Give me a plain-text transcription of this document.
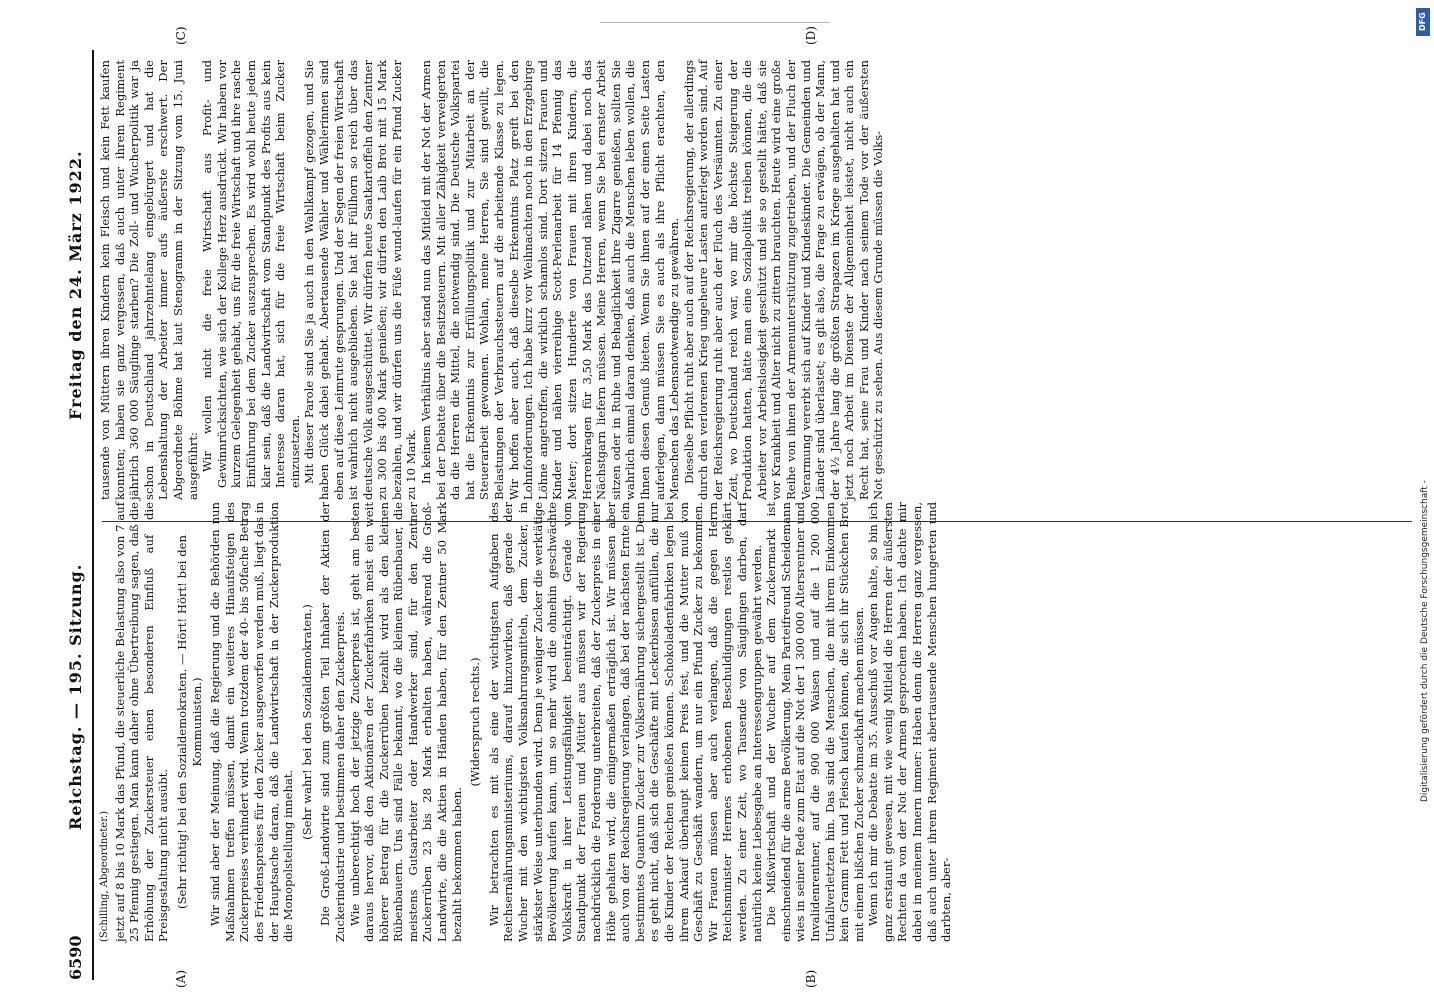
6590
Reichstag. — 195. Sitzung.
Freitag den 24. März 1922.
(A)	(B)
(C)	(D)

(Schilling, Abgeordneter.) jetzt auf 8 bis 10 Mark das Pfund, die steuerliche Belastung also von 7 auf 25 Pfennig gestiegen. Man kann daher ohne Übertreibung sagen, daß die Erhöhung der Zuckersteuer einen besonderen Einfluß auf die Preisgestaltung nicht ausübt. (Sehr richtig! bei den Sozialdemokraten. — Hört! Hört! bei den Kommunisten.) Wir sind aber der Meinung, daß die Regierung und die Behörden nun Maßnahmen treffen müssen, damit ein weiteres Hinaufsteigen des Zuckerpreises verhindert wird. Wenn trotzdem der 40- bis 50fache Betrag des Friedenspreises für den Zucker ausgeworfen werden muß, liegt das in der Hauptsache daran, daß die Landwirtschaft in der Zuckerproduktion die Monopolstellung innehat.

(Sehr wahr! bei den Sozialdemokraten.) Die Groß-Landwirte sind zum größten Teil Inhaber der Aktien der Zuckerindustrie und bestimmen daher den Zuckerpreis. Wie unberechtigt hoch der jetzige Zuckerpreis ist, geht am besten daraus hervor, daß den Aktionären der Zuckerfabriken meist ein weit höherer Betrag für die Zuckerrüben bezahlt wird als den kleinen Rübenbauern. Uns sind Fälle bekannt, wo die kleinen Rübenbauer, die meistens Gutsarbeiter oder Handwerker sind, für den Zentner Zuckerrüben 23 bis 28 Mark erhalten haben, während die Groß-Landwirte, die die Aktien in Händen haben, für den Zentner 50 Mark bezahlt bekommen haben.

(Widerspruch rechts.) Wir betrachten es mit als eine der wichtigsten Aufgaben des Reichsernährungsministeriums, darauf hinzuwirken, daß gerade der Wucher mit den wichtigsten Volksnahrungsmitteln, dem Zucker, in stärkster Weise unterbunden wird. Denn je weniger Zucker die werktätige Bevölkerung kaufen kann, um so mehr wird die ohnehin geschwächte Volkskraft in ihrer Leistungsfähigkeit beeinträchtigt. Gerade vom Standpunkt der Frauen und Mütter aus müssen wir der Regierung nachdrücklich die Forderung unterbreiten, daß der Zuckerpreis in einer Höhe gehalten wird, die einigermaßen erträglich ist. Wir müssen aber auch von der Reichsregierung verlangen, daß bei der nächsten Ernte ein bestimmtes Quantum Zucker zur Volksernährung sichergestellt ist. Denn es geht nicht, daß sich die Geschäfte mit Leckerbissen anfüllen, die nur die Kinder der Reichen genießen können. Schokoladenfabriken legen bei ihrem Ankauf überhaupt keinen Preis fest, und die Mutter muß von Geschäft zu Geschäft wandern, um nur ein Pfund Zucker zu bekommen. Wir Frauen müssen aber auch verlangen, daß die gegen Herrn Reichsminister Hermes erhobenen Beschuldigungen restlos geklärt werden. Zu einer Zeit, wo Tausende von Säuglingen darben, darf natürlich keine Liebesgabe an Interessengruppen gewährt werden. Die Mißwirtschaft und der Wucher auf dem Zuckermarkt ist einschneidend für die arme Bevölkerung. Mein Parteifreund Scheidemann wies in seiner Rede zum Etat auf die Not der 1 300 000 Altersrentner und Invalidenrentner, auf die 900 000 Waisen und auf die 1 200 000 Unfallverletzten hin. Das sind die Menschen, die mit ihrem Einkommen kein Gramm Fett und Fleisch kaufen können, die sich ihr Stückchen Brot mit einem bißchen Zucker schmackhaft machen müssen. Wenn ich mir die Debatte im 35. Ausschuß vor Augen halte, so bin ich ganz erstaunt gewesen, mit wie wenig Mitleid die Herren der äußersten Rechten da von der Not der Armen gesprochen haben. Ich dachte mir dabei in meinem Innern immer: Haben denn die Herren ganz vergessen, daß auch unter ihrem Regiment abertausende Menschen hungerten und darbten, aber-

tausende von Müttern ihren Kindern kein Fleisch und kein Fett kaufen konnten; haben sie ganz vergessen, daß auch unter ihrem Regiment jährlich 360 000 Säuglinge starben? Die Zoll- und Wucherpolitik war ja schon in Deutschland jahrzehntelang eingebürgert und hat die Lebenshaltung der Arbeiter immer aufs äußerste erschwert. Der Abgeordnete Böhme hat laut Stenogramm in der Sitzung vom 15. Juni ausgeführt: Wir wollen nicht die freie Wirtschaft aus Profit- und Gewinnrücksichten, wie sich der Kollege Herz ausdrückt. Wir haben vor kurzem Gelegenheit gehabt, uns für die freie Wirtschaft und ihre rasche Einführung bei dem Zucker auszusprechen. Es wird wohl heute jedem klar sein, daß die Landwirtschaft vom Standpunkt des Profits aus kein Interesse daran hat, sich für die freie Wirtschaft beim Zucker einzusetzen. Mit dieser Parole sind Sie ja auch in den Wahlkampf gezogen, und Sie haben Glück dabei gehabt. Abertausende Wähler und Wählerinnen sind eben auf diese Leimrute gesprungen. Und der Segen der freien Wirtschaft ist wahrlich nicht ausgeblieben. Sie hat ihr Füllhorn so reich über das deutsche Volk ausgeschüttet. Wir dürfen heute Saatkartoffeln den Zentner zu 300 bis 400 Mark genießen; wir dürfen den Laib Brot mit 15 Mark bezahlen, und wir dürfen uns die Füße wund-laufen für ein Pfund Zucker zu 10 Mark. In keinem Verhältnis aber stand nun das Mitleid mit der Not der Armen bei der Debatte über die Besitzsteuern. Mit aller Zähigkeit verweigerten da die Herren die Mittel, die notwendig sind. Die Deutsche Volkspartei hat die Erkenntnis zur Erfüllungspolitik und zur Mitarbeit an der Steuerarbeit gewonnen. Wohlan, meine Herren, Sie sind gewillt, die Belastungen der Verbrauchssteuern auf die arbeitende Klasse zu legen. Wir hoffen aber auch, daß dieselbe Erkenntnis Platz greift bei den Lohnforderungen. Ich habe kurz vor Weihnachten noch in den Erzgebirge Löhne angetroffen, die wirklich schamlos sind. Dort sitzen Frauen und Kinder und nähen vierreihige Scott-Perlenarbeit für 14 Pfennig das Meter; dort sitzen Hunderte von Frauen mit ihren Kindern, die Herrenkragen für 3,50 Mark das Dutzend nähen und dabei noch das Nächstgarn liefern müssen. Meine Herren, wenn Sie bei ernster Arbeit sitzen oder in Ruhe und Behaglichkeit Ihre Zigarre genießen, sollten Sie wahrlich einmal daran denken, daß auch die Menschen leben wollen, die Ihnen diesen Genuß bieten. Wenn Sie ihnen auf der einen Seite Lasten auferlegen, dann müssen Sie es auch als ihre Pflicht erachten, den Menschen das Lebensnotwendige zu gewähren. Dieselbe Pflicht ruht aber auch auf der Reichsregierung, der allerdings durch den verlorenen Krieg ungeheure Lasten auferlegt worden sind. Auf der Reichsregierung ruht aber auch der Fluch des Versäumten. Zu einer Zeit, wo Deutschland reich war, wo mir die höchste Steigerung der Produktion hatten, hätte man eine Sozialpolitik treiben können, die die Arbeiter vor Arbeitslosigkeit geschützt und sie so gestellt hätte, daß sie vor Krankheit und Alter nicht zu zittern brauchten. Heute wird eine große Reihe von ihnen der Armenunterstützung zugetrieben, und der Fluch der Verarmung vererbt sich auf Kinder und Kindeskinder. Die Gemeinden und Länder sind überlastet; es gilt also, die Frage zu erwägen, ob der Mann, der 4½ Jahre lang die größten Strapazen im Kriege ausgehalten hat und jetzt noch Arbeit im Dienste der Allgemeinheit leistet, nicht auch ein Recht hat, seine Frau und Kinder nach seinem Tode vor der äußersten Not geschützt zu sehen. Aus diesem Grunde müssen die Volks-

DFG
Digitalisierung gefördert durch die Deutsche Forschungsgemeinschaft -
